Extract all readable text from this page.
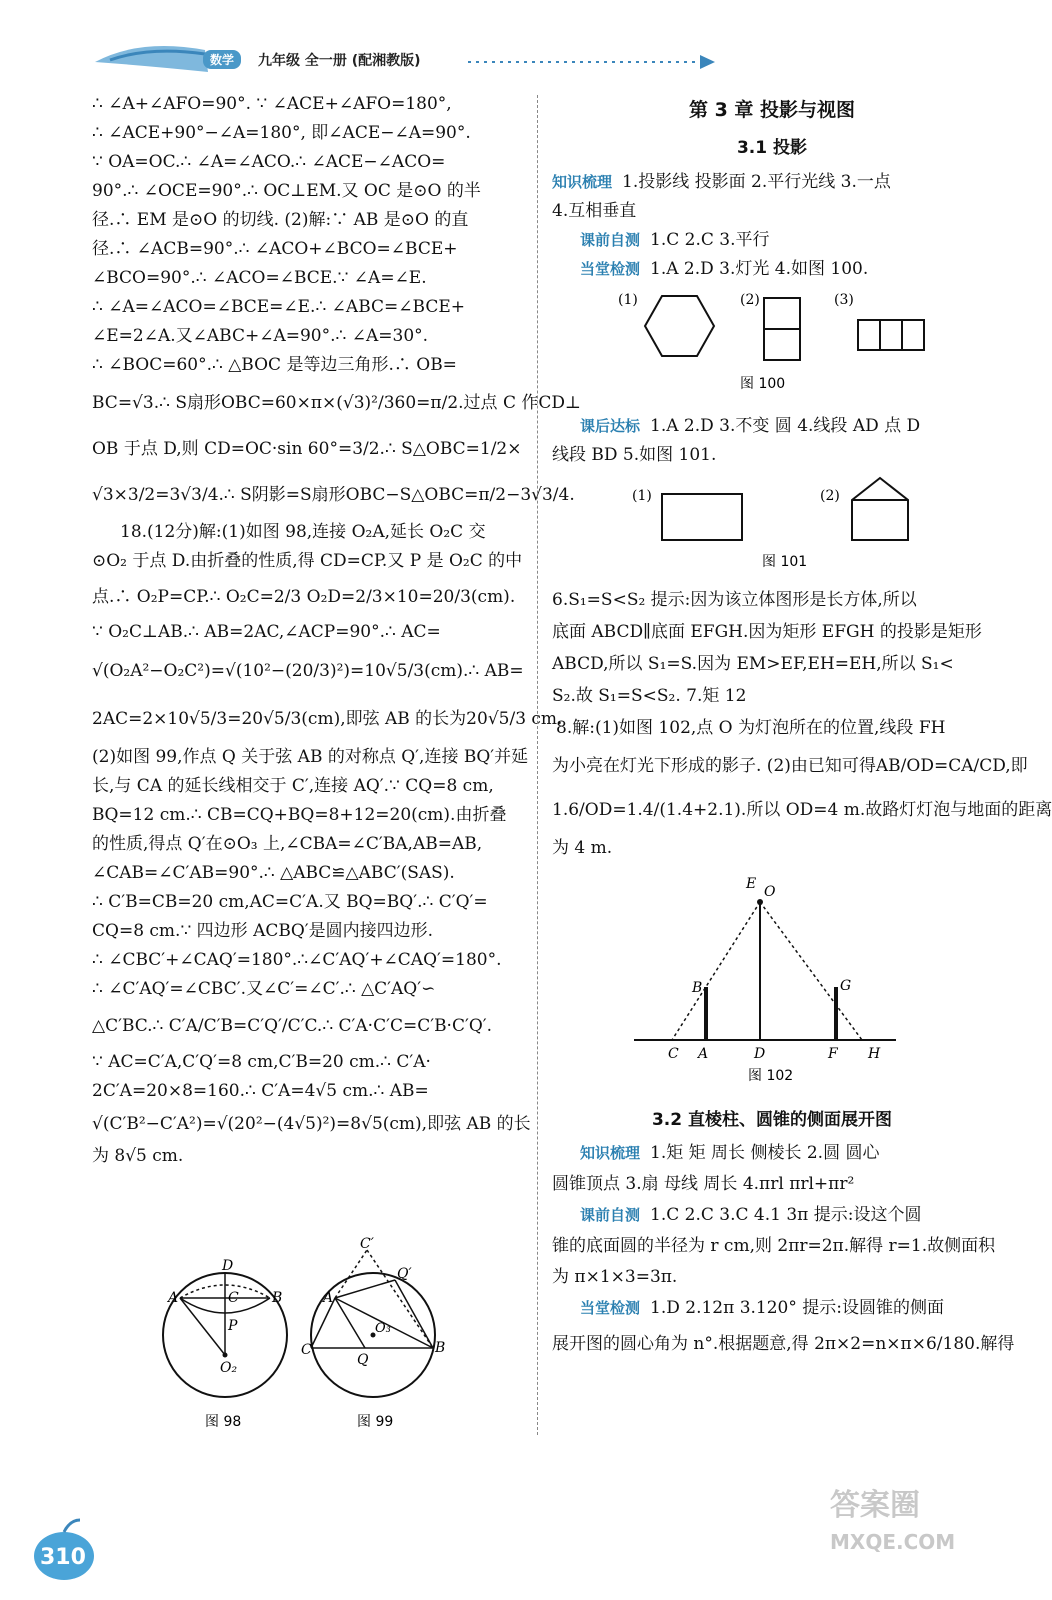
数学	九年级 全一册 (配湘教版)
∴ ∠A+∠AFO=90°. ∵ ∠ACE+∠AFO=180°,
∴ ∠ACE+90°−∠A=180°, 即∠ACE−∠A=90°.
∵ OA=OC.∴ ∠A=∠ACO.∴ ∠ACE−∠ACO=
90°.∴ ∠OCE=90°.∴ OC⊥EM.又 OC 是⊙O 的半
径.∴ EM 是⊙O 的切线. (2)解:∵ AB 是⊙O 的直
径.∴ ∠ACB=90°.∴ ∠ACO+∠BCO=∠BCE+
∠BCO=90°.∴ ∠ACO=∠BCE.∵ ∠A=∠E.
∴ ∠A=∠ACO=∠BCE=∠E.∴ ∠ABC=∠BCE+
∠E=2∠A.又∠ABC+∠A=90°.∴ ∠A=30°.
∴ ∠BOC=60°.∴ △BOC 是等边三角形.∴ OB=
BC=√3.∴ S扇形OBC=60×π×(√3)²/360=π/2.过点 C 作CD⊥
OB 于点 D,则 CD=OC·sin 60°=3/2.∴ S△OBC=1/2×
√3×3/2=3√3/4.∴ S阴影=S扇形OBC−S△OBC=π/2−3√3/4.
18.(12分)解:(1)如图 98,连接 O₂A,延长 O₂C 交
⊙O₂ 于点 D.由折叠的性质,得 CD=CP.又 P 是 O₂C 的中
点.∴ O₂P=CP.∴ O₂C=2/3 O₂D=2/3×10=20/3(cm).
∵ O₂C⊥AB.∴ AB=2AC,∠ACP=90°.∴ AC=
√(O₂A²−O₂C²)=√(10²−(20/3)²)=10√5/3(cm).∴ AB=
2AC=2×10√5/3=20√5/3(cm),即弦 AB 的长为20√5/3 cm.
(2)如图 99,作点 Q 关于弦 AB 的对称点 Q′,连接 BQ′并延
长,与 CA 的延长线相交于 C′,连接 AQ′.∵ CQ=8 cm,
BQ=12 cm.∴ CB=CQ+BQ=8+12=20(cm).由折叠
的性质,得点 Q′在⊙O₃ 上,∠CBA=∠C′BA,AB=AB,
∠CAB=∠C′AB=90°.∴ △ABC≌△ABC′(SAS).
∴ C′B=CB=20 cm,AC=C′A.又 BQ=BQ′.∴ C′Q′=
CQ=8 cm.∵ 四边形 ACBQ′是圆内接四边形.
∴ ∠CBC′+∠CAQ′=180°.∴∠C′AQ′+∠CAQ′=180°.
∴ ∠C′AQ′=∠CBC′.又∠C′=∠C′.∴ △C′AQ′∽
△C′BC.∴ C′A/C′B=C′Q′/C′C.∴ C′A·C′C=C′B·C′Q′.
∵ AC=C′A,C′Q′=8 cm,C′B=20 cm.∴ C′A·
2C′A=20×8=160.∴ C′A=4√5 cm.∴ AB=
√(C′B²−C′A²)=√(20²−(4√5)²)=8√5(cm),即弦 AB 的长
为 8√5 cm.
D
A	C B
P
O₂
图 98
C′
Q′
A
O₃
C
Q
B
图 99
第 3 章 投影与视图
3.1 投影
知识梳理 1.投影线 投影面 2.平行光线 3.一点
4.互相垂直
课前自测 1.C 2.C 3.平行
当堂检测 1.A 2.D 3.灯光 4.如图 100.
(1)	(2)	(3)
图 100
课后达标 1.A 2.D 3.不变 圆 4.线段 AD 点 D
线段 BD 5.如图 101.
(1)	(2)
图 101
6.S₁=S<S₂ 提示:因为该立体图形是长方体,所以
底面 ABCD∥底面 EFGH.因为矩形 EFGH 的投影是矩形
ABCD,所以 S₁=S.因为 EM>EF,EH=EH,所以 S₁<
S₂.故 S₁=S<S₂. 7.矩 12
8.解:(1)如图 102,点 O 为灯泡所在的位置,线段 FH
为小亮在灯光下形成的影子. (2)由已知可得AB/OD=CA/CD,即
1.6/OD=1.4/(1.4+2.1).所以 OD=4 m.故路灯灯泡与地面的距离
为 4 m.
E O
B	G
C A	D	F H
图 102
3.2 直棱柱、圆锥的侧面展开图
知识梳理 1.矩 矩 周长 侧棱长 2.圆 圆心
圆锥顶点 3.扇 母线 周长 4.πrl πrl+πr²
课前自测 1.C 2.C 3.C 4.1 3π 提示:设这个圆
锥的底面圆的半径为 r cm,则 2πr=2π.解得 r=1.故侧面积
为 π×1×3=3π.
当堂检测 1.D 2.12π 3.120° 提示:设圆锥的侧面
展开图的圆心角为 n°.根据题意,得 2π×2=n×π×6/180.解得
310
答案圈
MXQE.COM
